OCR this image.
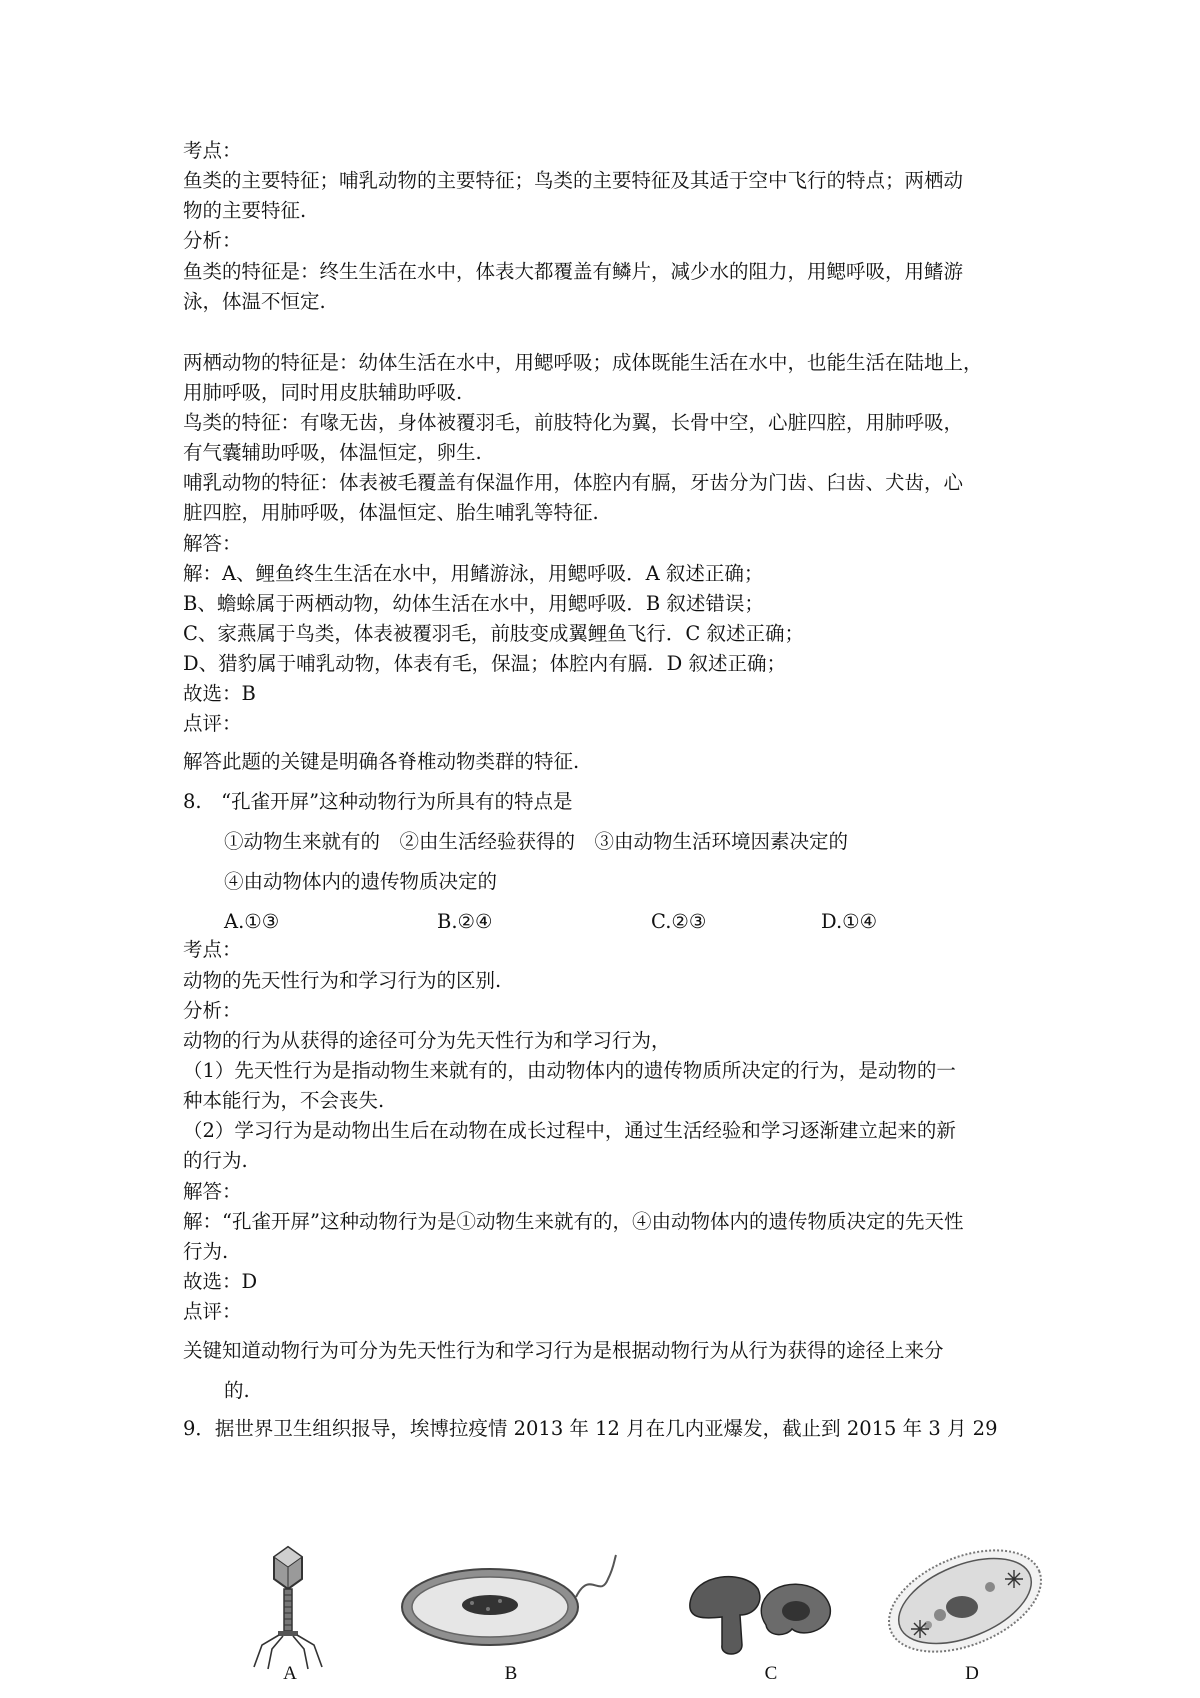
考点：
鱼类的主要特征；哺乳动物的主要特征；鸟类的主要特征及其适于空中飞行的特点；两栖动
物的主要特征.
分析：
鱼类的特征是：终生生活在水中，体表大都覆盖有鳞片，减少水的阻力，用鳃呼吸，用鳍游
泳，体温不恒定.
两栖动物的特征是：幼体生活在水中，用鳃呼吸；成体既能生活在水中，也能生活在陆地上，
用肺呼吸，同时用皮肤辅助呼吸.
鸟类的特征：有喙无齿，身体被覆羽毛，前肢特化为翼，长骨中空，心脏四腔，用肺呼吸，
有气囊辅助呼吸，体温恒定，卵生.
哺乳动物的特征：体表被毛覆盖有保温作用，体腔内有膈，牙齿分为门齿、臼齿、犬齿，心
脏四腔，用肺呼吸，体温恒定、胎生哺乳等特征.
解答：
解：A、鲤鱼终生生活在水中，用鳍游泳，用鳃呼吸．A 叙述正确；
B、蟾蜍属于两栖动物，幼体生活在水中，用鳃呼吸．B 叙述错误；
C、家燕属于鸟类，体表被覆羽毛，前肢变成翼鲤鱼飞行．C 叙述正确；
D、猎豹属于哺乳动物，体表有毛，保温；体腔内有膈．D 叙述正确；
故选：B
点评：
解答此题的关键是明确各脊椎动物类群的特征.
8.　“孔雀开屏”这种动物行为所具有的特点是
①动物生来就有的　②由生活经验获得的　③由动物生活环境因素决定的
④由动物体内的遗传物质决定的
A.①③	B.②④	C.②③	D.①④
考点：
动物的先天性行为和学习行为的区别.
分析：
动物的行为从获得的途径可分为先天性行为和学习行为，
（1）先天性行为是指动物生来就有的，由动物体内的遗传物质所决定的行为，是动物的一
种本能行为，不会丧失.
（2）学习行为是动物出生后在动物在成长过程中，通过生活经验和学习逐渐建立起来的新
的行为.
解答：
解：“孔雀开屏”这种动物行为是①动物生来就有的，④由动物体内的遗传物质决定的先天性
行为.
故选：D
点评：
关键知道动物行为可分为先天性行为和学习行为是根据动物行为从行为获得的途径上来分
的.
9．据世界卫生组织报导，埃博拉疫情 2013 年 12 月在几内亚爆发，截止到 2015 年 3 月 29
A	B	C	D
